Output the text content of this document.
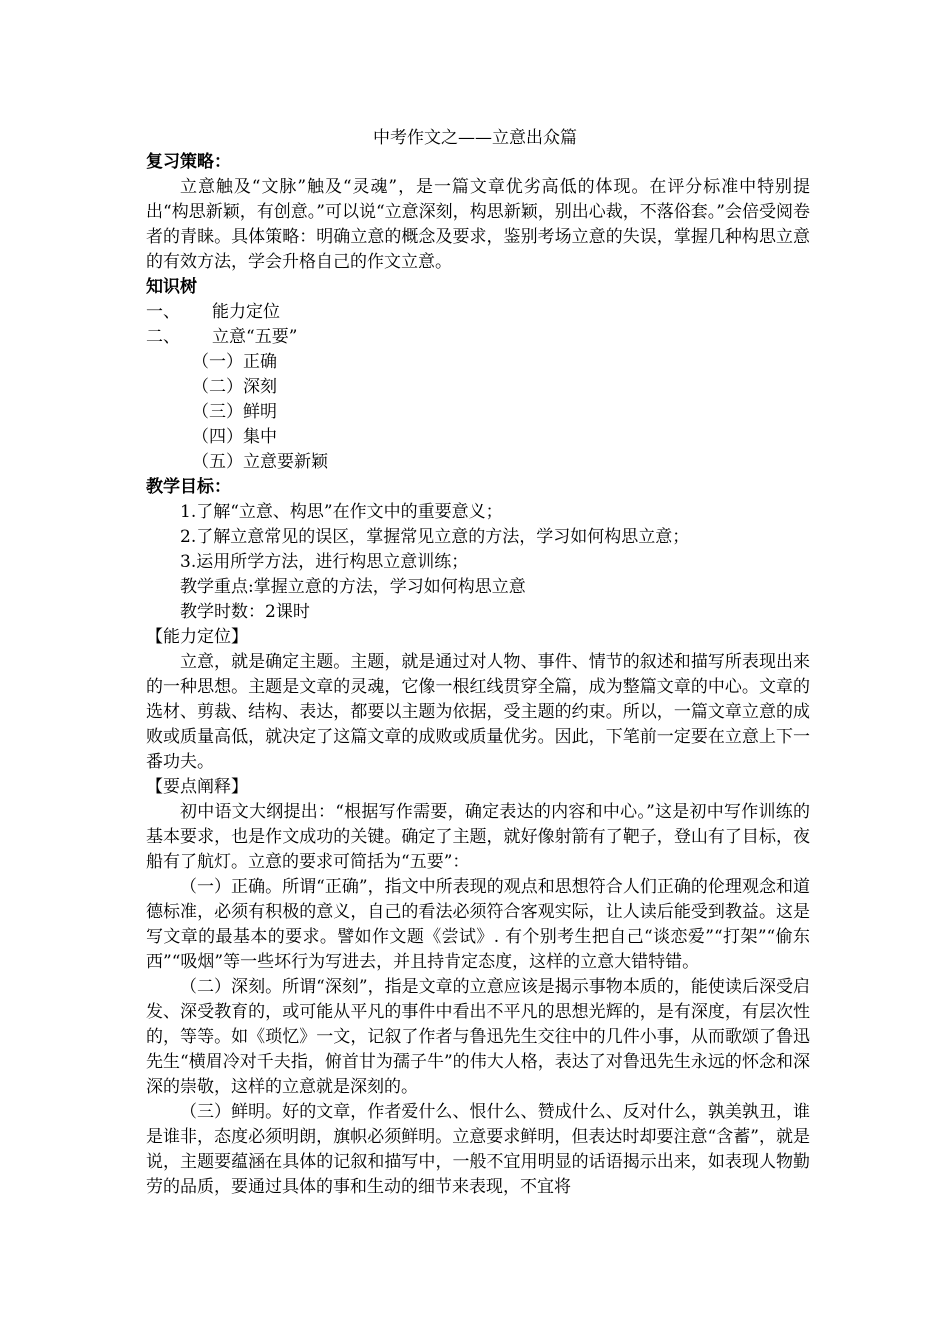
中考作文之——立意出众篇
复习策略：

立意触及“文脉”触及“灵魂”，是一篇文章优劣高低的体现。在评分标准中特别提出“构思新颖，有创意。”可以说“立意深刻，构思新颖，别出心裁，不落俗套。”会倍受阅卷者的青睐。具体策略：明确立意的概念及要求，鉴别考场立意的失误，掌握几种构思立意的有效方法，学会升格自己的作文立意。

知识树
一、	能力定位
二、	立意“五要”
（一）正确
（二）深刻
（三）鲜明
（四）集中
（五）立意要新颖
教学目标：
1.了解“立意、构思”在作文中的重要意义；
2.了解立意常见的误区，掌握常见立意的方法，学习如何构思立意；
3.运用所学方法，进行构思立意训练；
教学重点:掌握立意的方法，学习如何构思立意
教学时数：2课时
【能力定位】

立意，就是确定主题。主题，就是通过对人物、事件、情节的叙述和描写所表现出来的一种思想。主题是文章的灵魂，它像一根红线贯穿全篇，成为整篇文章的中心。文章的选材、剪裁、结构、表达，都要以主题为依据，受主题的约束。所以，一篇文章立意的成败或质量高低，就决定了这篇文章的成败或质量优劣。因此，下笔前一定要在立意上下一番功夫。

【要点阐释】

初中语文大纲提出：“根据写作需要，确定表达的内容和中心。”这是初中写作训练的基本要求，也是作文成功的关键。确定了主题，就好像射箭有了靶子，登山有了目标，夜船有了航灯。立意的要求可简括为“五要”：

（一）正确。所谓“正确”，指文中所表现的观点和思想符合人们正确的伦理观念和道德标准，必须有积极的意义，自己的看法必须符合客观实际，让人读后能受到教益。这是写文章的最基本的要求。譬如作文题《尝试》. 有个别考生把自己“谈恋爱”“打架”“偷东西”“吸烟”等一些坏行为写进去，并且持肯定态度，这样的立意大错特错。

（二）深刻。所谓“深刻”，指是文章的立意应该是揭示事物本质的，能使读后深受启发、深受教育的，或可能从平凡的事件中看出不平凡的思想光辉的，是有深度，有层次性的，等等。如《琐忆》一文，记叙了作者与鲁迅先生交往中的几件小事，从而歌颂了鲁迅先生“横眉冷对千夫指，俯首甘为孺子牛”的伟大人格，表达了对鲁迅先生永远的怀念和深深的崇敬，这样的立意就是深刻的。

（三）鲜明。好的文章，作者爱什么、恨什么、赞成什么、反对什么，孰美孰丑，谁是谁非，态度必须明朗，旗帜必须鲜明。立意要求鲜明，但表达时却要注意“含蓄”，就是说，主题要蕴涵在具体的记叙和描写中，一般不宜用明显的话语揭示出来，如表现人物勤劳的品质，要通过具体的事和生动的细节来表现，不宜将
